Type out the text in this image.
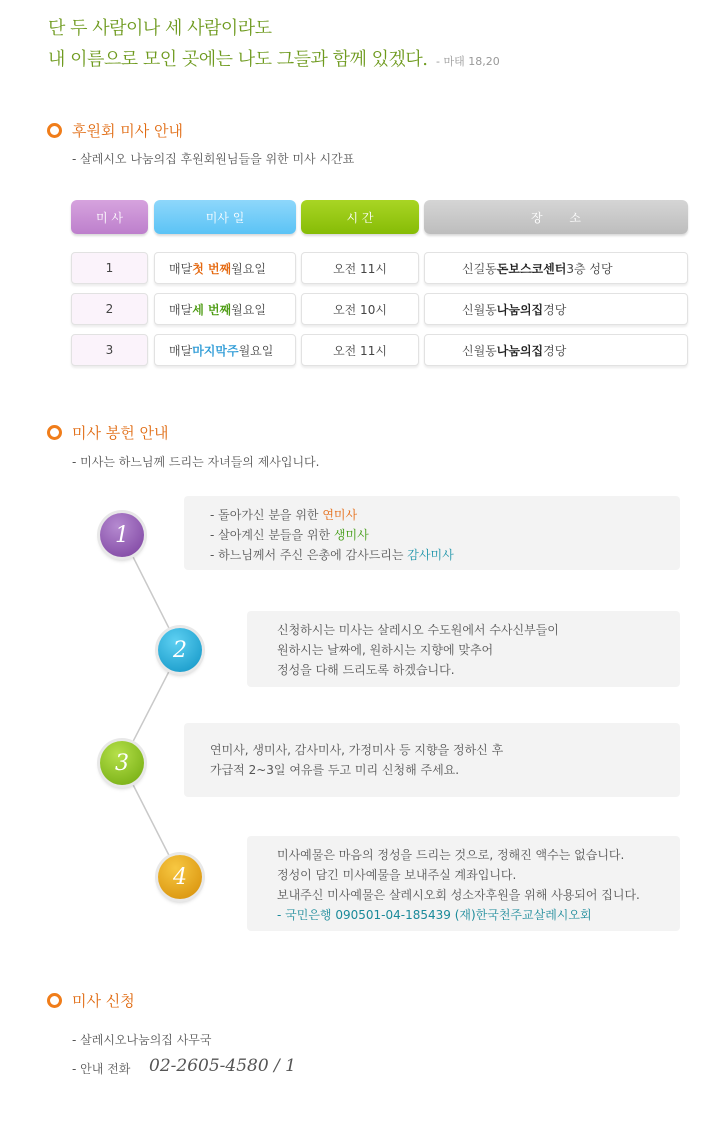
단 두 사람이나 세 사람이라도
내 이름으로 모인 곳에는 나도 그들과 함께 있겠다. - 마태 18,20
후원회 미사 안내
- 살레시오 나눔의집 후원회원님들을 위한 미사 시간표
미 사	미사 일	시 간	장       소
1	매달 첫 번째 월요일	오전 11시	신길동 돈보스코센터 3층 성당
2	매달 세 번째 월요일	오전 10시	신월동 나눔의집 경당
3	매달 마지막주 월요일	오전 11시	신월동 나눔의집 경당
미사 봉헌 안내
- 미사는 하느님께 드리는 자녀들의 제사입니다.
- 돌아가신 분을 위한 연미사
- 살아계신 분들을 위한 생미사
- 하느님께서 주신 은총에 감사드리는 감사미사
1
신청하시는 미사는 살레시오 수도원에서 수사신부들이
원하시는 날짜에, 원하시는 지향에 맞추어
정성을 다해 드리도록 하겠습니다.
2
연미사, 생미사, 감사미사, 가정미사 등 지향을 정하신 후
가급적 2~3일 여유를 두고 미리 신청해 주세요.
3
미사예물은 마음의 정성을 드리는 것으로, 정해진 액수는 없습니다.
정성이 담긴 미사예물을 보내주실 계좌입니다.
보내주신 미사예물은 살레시오회 성소자후원을 위해 사용되어 집니다.
- 국민은행 090501-04-185439 (재)한국천주교살레시오회
4
미사 신청
- 살레시오나눔의집 사무국
- 안내 전화 02-2605-4580 / 1
